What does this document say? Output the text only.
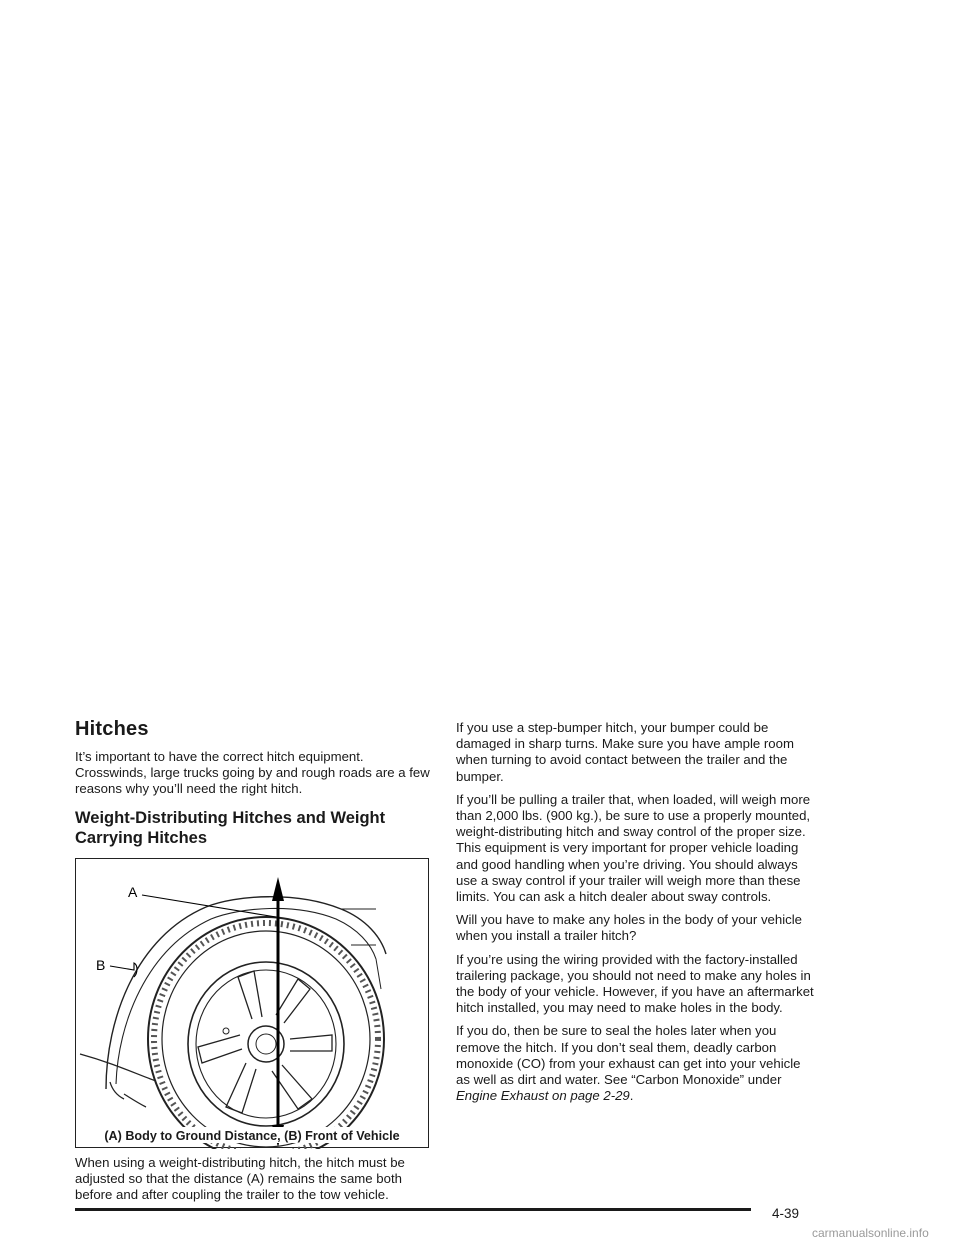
Hitches

It’s important to have the correct hitch equipment. Crosswinds, large trucks going by and rough roads are a few reasons why you’ll need the right hitch.

Weight-Distributing Hitches and Weight Carrying Hitches
A
B
(A) Body to Ground Distance, (B) Front of Vehicle

When using a weight-distributing hitch, the hitch must be adjusted so that the distance (A) remains the same both before and after coupling the trailer to the tow vehicle.

If you use a step-bumper hitch, your bumper could be damaged in sharp turns. Make sure you have ample room when turning to avoid contact between the trailer and the bumper.

If you’ll be pulling a trailer that, when loaded, will weigh more than 2,000 lbs. (900 kg.), be sure to use a properly mounted, weight-distributing hitch and sway control of the proper size. This equipment is very important for proper vehicle loading and good handling when you’re driving. You should always use a sway control if your trailer will weigh more than these limits. You can ask a hitch dealer about sway controls.

Will you have to make any holes in the body of your vehicle when you install a trailer hitch?

If you’re using the wiring provided with the factory-installed trailering package, you should not need to make any holes in the body of your vehicle. However, if you have an aftermarket hitch installed, you may need to make holes in the body.

If you do, then be sure to seal the holes later when you remove the hitch. If you don’t seal them, deadly carbon monoxide (CO) from your exhaust can get into your vehicle as well as dirt and water. See “Carbon Monoxide” under Engine Exhaust on page 2-29.

4-39
carmanualsonline.info
